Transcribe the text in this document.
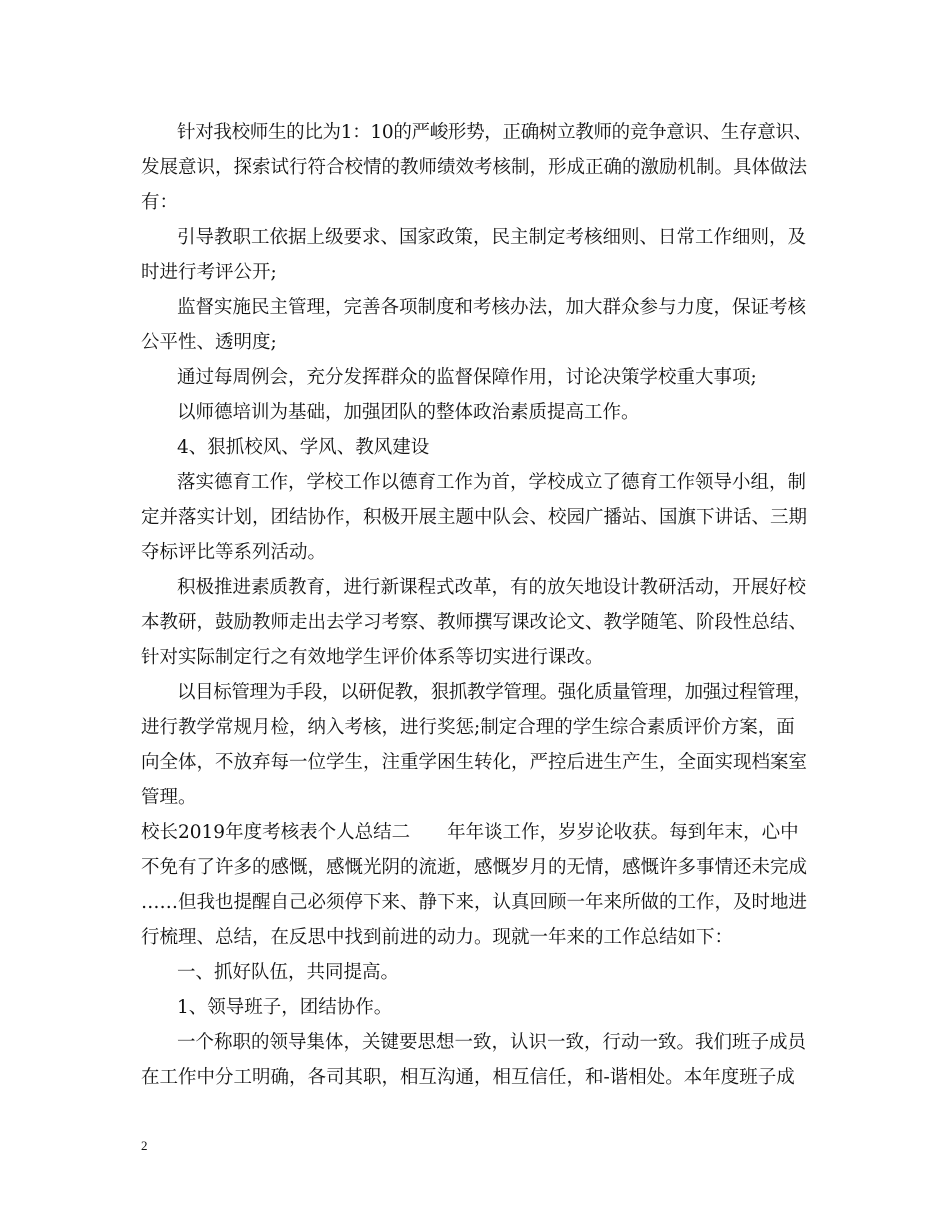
针对我校师生的比为1：10的严峻形势，正确树立教师的竞争意识、生存意识、
发展意识，探索试行符合校情的教师绩效考核制，形成正确的激励机制。具体做法
有：
引导教职工依据上级要求、国家政策，民主制定考核细则、日常工作细则，及
时进行考评公开;
监督实施民主管理，完善各项制度和考核办法，加大群众参与力度，保证考核
公平性、透明度;
通过每周例会，充分发挥群众的监督保障作用，讨论决策学校重大事项;
以师德培训为基础，加强团队的整体政治素质提高工作。
4、狠抓校风、学风、教风建设
落实德育工作，学校工作以德育工作为首，学校成立了德育工作领导小组，制
定并落实计划，团结协作，积极开展主题中队会、校园广播站、国旗下讲话、三期
夺标评比等系列活动。
积极推进素质教育，进行新课程式改革，有的放矢地设计教研活动，开展好校
本教研，鼓励教师走出去学习考察、教师撰写课改论文、教学随笔、阶段性总结、
针对实际制定行之有效地学生评价体系等切实进行课改。
以目标管理为手段，以研促教，狠抓教学管理。强化质量管理，加强过程管理，
进行教学常规月检，纳入考核，进行奖惩;制定合理的学生综合素质评价方案，面
向全体，不放弃每一位学生，注重学困生转化，严控后进生产生，全面实现档案室
管理。
校长2019年度考核表个人总结二　　年年谈工作，岁岁论收获。每到年末，心中
不免有了许多的感慨，感慨光阴的流逝，感慨岁月的无情，感慨许多事情还未完成
……但我也提醒自己必须停下来、静下来，认真回顾一年来所做的工作，及时地进
行梳理、总结，在反思中找到前进的动力。现就一年来的工作总结如下：
一、抓好队伍，共同提高。
1、领导班子，团结协作。
一个称职的领导集体，关键要思想一致，认识一致，行动一致。我们班子成员
在工作中分工明确，各司其职，相互沟通，相互信任，和-谐相处。本年度班子成
2
